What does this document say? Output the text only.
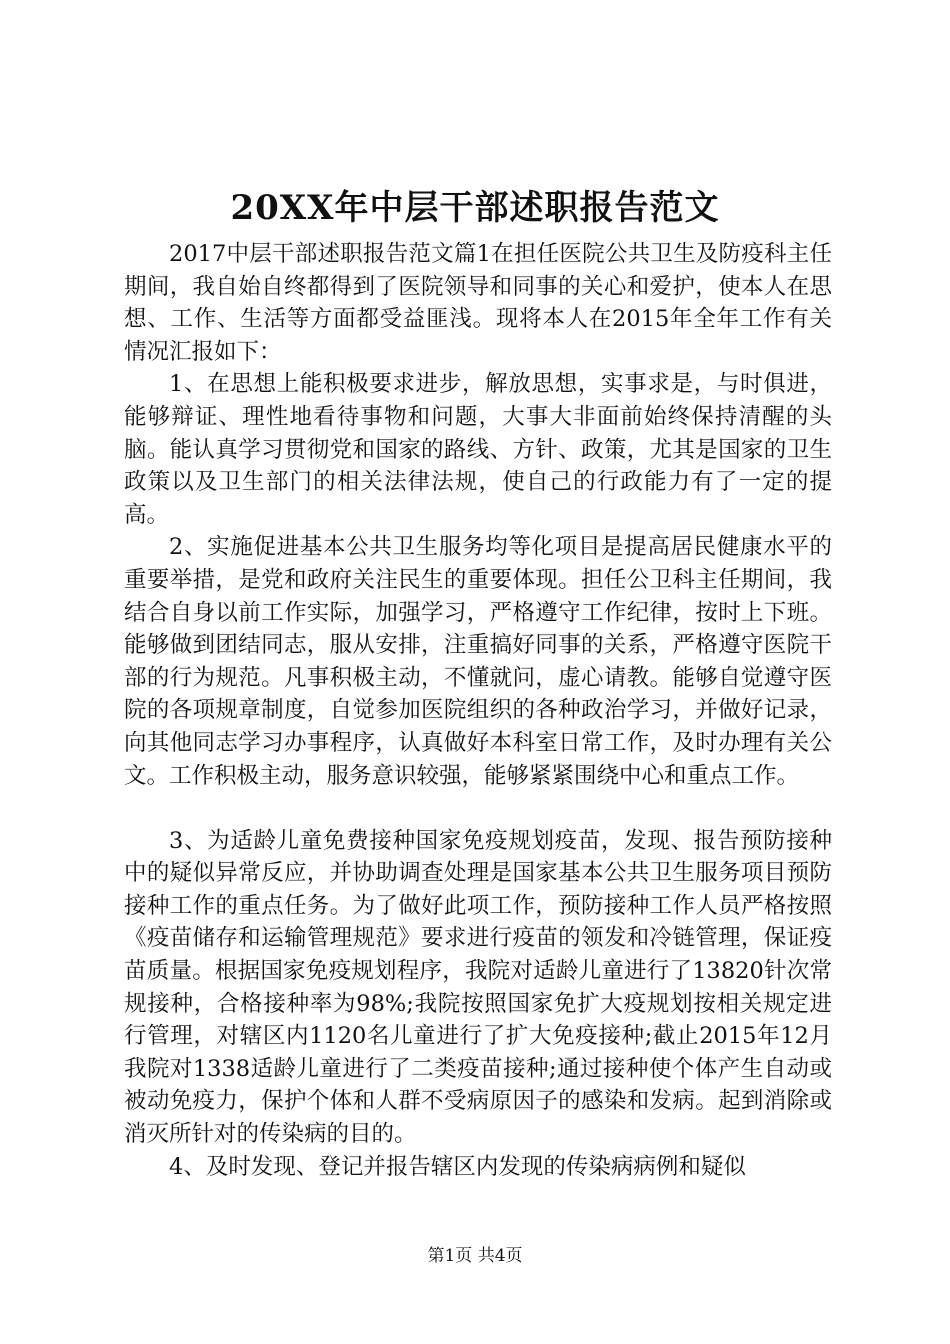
20XX年中层干部述职报告范文

2017中层干部述职报告范文篇1在担任医院公共卫生及防疫科主任期间，我自始自终都得到了医院领导和同事的关心和爱护，使本人在思想、工作、生活等方面都受益匪浅。现将本人在2015年全年工作有关情况汇报如下：

1、在思想上能积极要求进步，解放思想，实事求是，与时俱进，能够辩证、理性地看待事物和问题，大事大非面前始终保持清醒的头脑。能认真学习贯彻党和国家的路线、方针、政策，尤其是国家的卫生政策以及卫生部门的相关法律法规，使自己的行政能力有了一定的提高。

2、实施促进基本公共卫生服务均等化项目是提高居民健康水平的重要举措，是党和政府关注民生的重要体现。担任公卫科主任期间，我结合自身以前工作实际，加强学习，严格遵守工作纪律，按时上下班。能够做到团结同志，服从安排，注重搞好同事的关系，严格遵守医院干部的行为规范。凡事积极主动，不懂就问，虚心请教。能够自觉遵守医院的各项规章制度，自觉参加医院组织的各种政治学习，并做好记录，向其他同志学习办事程序，认真做好本科室日常工作，及时办理有关公文。工作积极主动，服务意识较强，能够紧紧围绕中心和重点工作。

3、为适龄儿童免费接种国家免疫规划疫苗，发现、报告预防接种中的疑似异常反应，并协助调查处理是国家基本公共卫生服务项目预防接种工作的重点任务。为了做好此项工作，预防接种工作人员严格按照《疫苗储存和运输管理规范》要求进行疫苗的领发和冷链管理，保证疫苗质量。根据国家免疫规划程序，我院对适龄儿童进行了13820针次常规接种，合格接种率为98%;我院按照国家免扩大疫规划按相关规定进行管理，对辖区内1120名儿童进行了扩大免疫接种;截止2015年12月我院对1338适龄儿童进行了二类疫苗接种;通过接种使个体产生自动或被动免疫力，保护个体和人群不受病原因子的感染和发病。起到消除或消灭所针对的传染病的目的。

4、及时发现、登记并报告辖区内发现的传染病病例和疑似

第1页 共4页
